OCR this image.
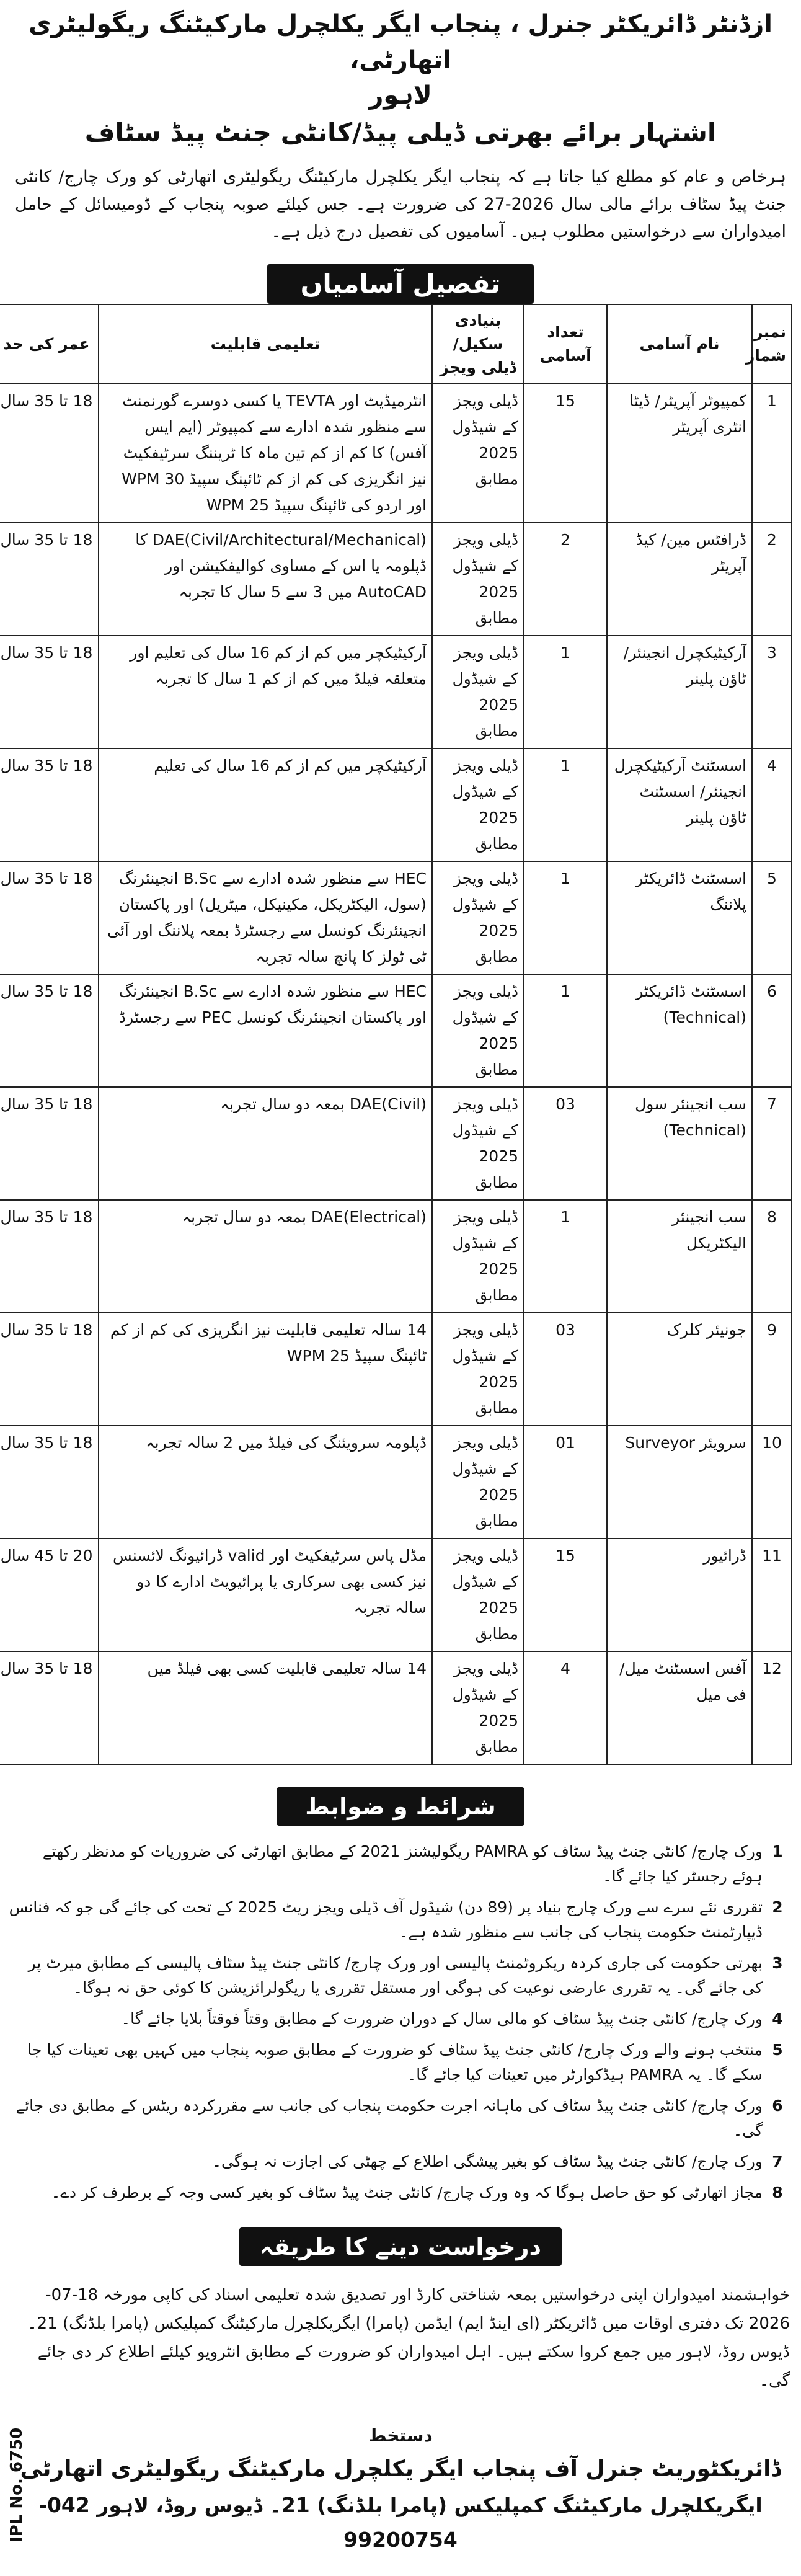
ازڈنٹر ڈائریکٹر جنرل ، پنجاب ایگر یکلچرل مارکیٹنگ ریگولیٹری اتھارٹی،
لاہور
اشتہار برائے بھرتی ڈیلی پیڈ/کانٹی جنٹ پیڈ سٹاف
ہرخاص و عام کو مطلع کیا جاتا ہے کہ پنجاب ایگر یکلچرل مارکیٹنگ ریگولیٹری اتھارٹی کو ورک چارج/ کانٹی جنٹ پیڈ سٹاف برائے مالی سال 2026-27 کی ضرورت ہے۔ جس کیلئے صوبہ پنجاب کے ڈومیسائل کے حامل امیدواران سے درخواستیں مطلوب ہیں۔ آسامیوں کی تفصیل درج ذیل ہے۔
تفصیل آسامیاں
نمبر شمار	نام آسامی	تعداد آسامی	بنیادی سکیل/ ڈیلی ویجز	تعلیمی قابلیت	عمر کی حد
1	کمپیوٹر آپریٹر/ ڈیٹا انٹری آپریٹر	15	ڈیلی ویجز کے شیڈول 2025 مطابق	انٹرمیڈیٹ اور TEVTA یا کسی دوسرے گورنمنٹ سے منظور شدہ ادارے سے کمپیوٹر (ایم ایس آفس) کا کم از کم تین ماہ کا ٹریننگ سرٹیفکیٹ نیز انگریزی کی کم از کم ٹائپنگ سپیڈ 30 WPM اور اردو کی ٹائپنگ سپیڈ 25 WPM	18 تا 35 سال
2	ڈرافٹس مین/ کیڈ آپریٹر	2	ڈیلی ویجز کے شیڈول 2025 مطابق	DAE(Civil/Architectural/Mechanical) کا ڈپلومہ یا اس کے مساوی کوالیفکیشن اور AutoCAD میں 3 سے 5 سال کا تجربہ	18 تا 35 سال
3	آرکیٹیکچرل انجینئر/ ٹاؤن پلینر	1	ڈیلی ویجز کے شیڈول 2025 مطابق	آرکیٹیکچر میں کم از کم 16 سال کی تعلیم اور متعلقہ فیلڈ میں کم از کم 1 سال کا تجربہ	18 تا 35 سال
4	اسسٹنٹ آرکیٹیکچرل انجینئر/ اسسٹنٹ ٹاؤن پلینر	1	ڈیلی ویجز کے شیڈول 2025 مطابق	آرکیٹیکچر میں کم از کم 16 سال کی تعلیم	18 تا 35 سال
5	اسسٹنٹ ڈائریکٹر پلاننگ	1	ڈیلی ویجز کے شیڈول 2025 مطابق	HEC سے منظور شدہ ادارے سے B.Sc انجینئرنگ (سول، الیکٹریکل، مکینیکل، میٹریل) اور پاکستان انجینئرنگ کونسل سے رجسٹرڈ بمعہ پلاننگ اور آئی ٹی ٹولز کا پانچ سالہ تجربہ	18 تا 35 سال
6	اسسٹنٹ ڈائریکٹر (Technical)	1	ڈیلی ویجز کے شیڈول 2025 مطابق	HEC سے منظور شدہ ادارے سے B.Sc انجینئرنگ اور پاکستان انجینئرنگ کونسل PEC سے رجسٹرڈ	18 تا 35 سال
7	سب انجینئر سول (Technical)	03	ڈیلی ویجز کے شیڈول 2025 مطابق	DAE(Civil) بمعہ دو سال تجربہ	18 تا 35 سال
8	سب انجینئر الیکٹریکل	1	ڈیلی ویجز کے شیڈول 2025 مطابق	DAE(Electrical) بمعہ دو سال تجربہ	18 تا 35 سال
9	جونیئر کلرک	03	ڈیلی ویجز کے شیڈول 2025 مطابق	14 سالہ تعلیمی قابلیت نیز انگریزی کی کم از کم ٹائپنگ سپیڈ 25 WPM	18 تا 35 سال
10	سرویئر Surveyor	01	ڈیلی ویجز کے شیڈول 2025 مطابق	ڈپلومہ سرویئنگ کی فیلڈ میں 2 سالہ تجربہ	18 تا 35 سال
11	ڈرائیور	15	ڈیلی ویجز کے شیڈول 2025 مطابق	مڈل پاس سرٹیفکیٹ اور valid ڈرائیونگ لائسنس نیز کسی بھی سرکاری یا پرائیویٹ ادارے کا دو سالہ تجربہ	20 تا 45 سال
12	آفس اسسٹنٹ میل/ فی میل	4	ڈیلی ویجز کے شیڈول 2025 مطابق	14 سالہ تعلیمی قابلیت کسی بھی فیلڈ میں	18 تا 35 سال
شرائط و ضوابط
1
ورک چارج/ کانٹی جنٹ پیڈ سٹاف کو PAMRA ریگولیشنز 2021 کے مطابق اتھارٹی کی ضروریات کو مدنظر رکھتے ہوئے رجسٹر کیا جائے گا۔
2
تقرری نئے سرے سے ورک چارج بنیاد پر (89 دن) شیڈول آف ڈیلی ویجز ریٹ 2025 کے تحت کی جائے گی جو کہ فنانس ڈیپارٹمنٹ حکومت پنجاب کی جانب سے منظور شدہ ہے۔
3
بھرتی حکومت کی جاری کردہ ریکروٹمنٹ پالیسی اور ورک چارج/ کانٹی جنٹ پیڈ سٹاف پالیسی کے مطابق میرٹ پر کی جائے گی۔ یہ تقرری عارضی نوعیت کی ہوگی اور مستقل تقرری یا ریگولرائزیشن کا کوئی حق نہ ہوگا۔
4
ورک چارج/ کانٹی جنٹ پیڈ سٹاف کو مالی سال کے دوران ضرورت کے مطابق وقتاً فوقتاً بلایا جائے گا۔
5
منتخب ہونے والے ورک چارج/ کانٹی جنٹ پیڈ سٹاف کو ضرورت کے مطابق صوبہ پنجاب میں کہیں بھی تعینات کیا جا سکے گا۔ یہ PAMRA ہیڈکوارٹر میں تعینات کیا جائے گا۔
6
ورک چارج/ کانٹی جنٹ پیڈ سٹاف کی ماہانہ اجرت حکومت پنجاب کی جانب سے مقررکردہ ریٹس کے مطابق دی جائے گی۔
7
ورک چارج/ کانٹی جنٹ پیڈ سٹاف کو بغیر پیشگی اطلاع کے چھٹی کی اجازت نہ ہوگی۔
8
مجاز اتھارٹی کو حق حاصل ہوگا کہ وہ ورک چارج/ کانٹی جنٹ پیڈ سٹاف کو بغیر کسی وجہ کے برطرف کر دے۔
درخواست دینے کا طریقہ
خواہشمند امیدواران اپنی درخواستیں بمعہ شناختی کارڈ اور تصدیق شدہ تعلیمی اسناد کی کاپی مورخہ 18-07-2026 تک دفتری اوقات میں ڈائریکٹر (ای اینڈ ایم) ایڈمن (پامرا) ایگریکلچرل مارکیٹنگ کمپلیکس (پامرا بلڈنگ) 21۔ ڈیوس روڈ، لاہور میں جمع کروا سکتے ہیں۔ اہل امیدواران کو ضرورت کے مطابق انٹرویو کیلئے اطلاع کر دی جائے گی۔
دستخط
ڈائریکٹوریٹ جنرل آف پنجاب ایگر یکلچرل مارکیٹنگ ریگولیٹری اتھارٹی
ایگریکلچرل مارکیٹنگ کمپلیکس (پامرا بلڈنگ) 21۔ ڈیوس روڈ، لاہور 042-99200754
IPL No. 6750
